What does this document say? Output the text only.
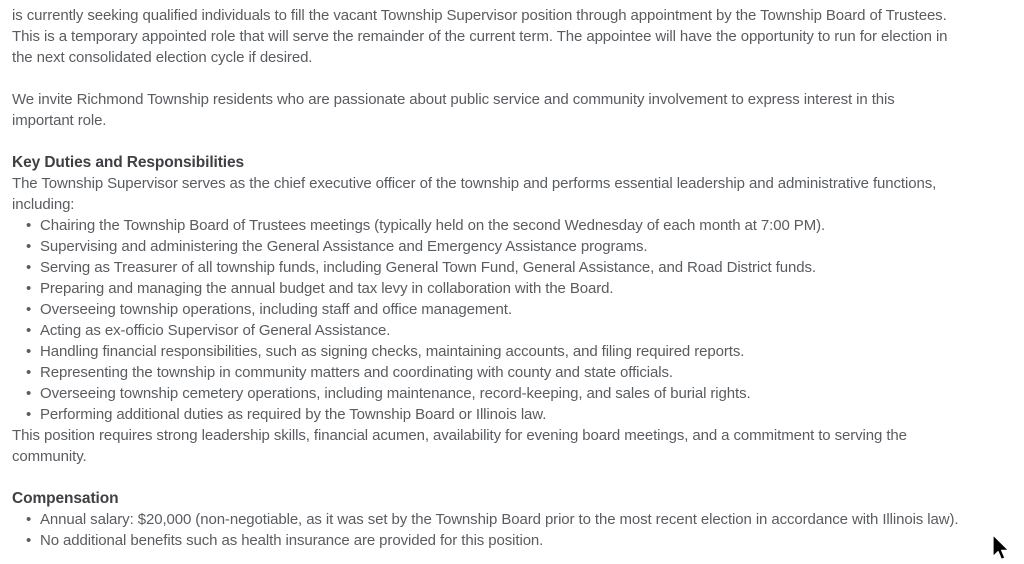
is currently seeking qualified individuals to fill the vacant Township Supervisor position through appointment by the Township Board of Trustees.
This is a temporary appointed role that will serve the remainder of the current term. The appointee will have the opportunity to run for election in
the next consolidated election cycle if desired.
We invite Richmond Township residents who are passionate about public service and community involvement to express interest in this
important role.
Key Duties and Responsibilities
The Township Supervisor serves as the chief executive officer of the township and performs essential leadership and administrative functions,
including:
• Chairing the Township Board of Trustees meetings (typically held on the second Wednesday of each month at 7:00 PM).
• Supervising and administering the General Assistance and Emergency Assistance programs.
• Serving as Treasurer of all township funds, including General Town Fund, General Assistance, and Road District funds.
• Preparing and managing the annual budget and tax levy in collaboration with the Board.
• Overseeing township operations, including staff and office management.
• Acting as ex-officio Supervisor of General Assistance.
• Handling financial responsibilities, such as signing checks, maintaining accounts, and filing required reports.
• Representing the township in community matters and coordinating with county and state officials.
• Overseeing township cemetery operations, including maintenance, record-keeping, and sales of burial rights.
• Performing additional duties as required by the Township Board or Illinois law.
This position requires strong leadership skills, financial acumen, availability for evening board meetings, and a commitment to serving the
community.
Compensation
• Annual salary: $20,000 (non-negotiable, as it was set by the Township Board prior to the most recent election in accordance with Illinois law).
• No additional benefits such as health insurance are provided for this position.
